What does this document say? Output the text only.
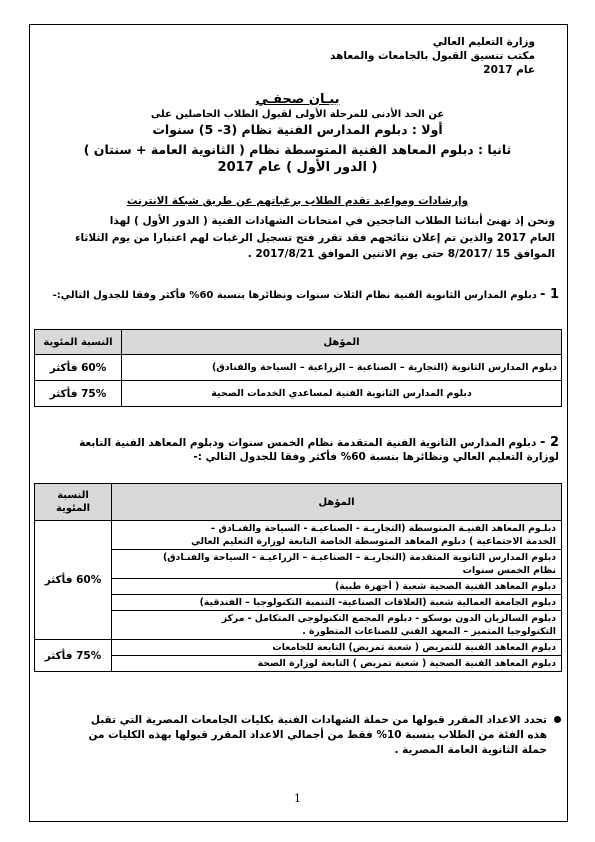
وزارة التعليم العالي
مكتب تنسيق القبول بالجامعات والمعاهد
عام 2017
بيـان صحفـي
عن الحد الأدنى للمرحلة الأولى لقبول الطلاب الحاصلين على
أولا : دبلوم المدارس الفنية نظام (3- 5) سنوات
ثانيا : دبلوم المعاهد الفنية المتوسطة نظام ( الثانوية العامة + سنتان )
( الدور الأول ) عام 2017
وإرشادات ومواعيد تقدم الطلاب برغباتهم عن طريق شبكة الانترنت
ونحن إذ نهنئ أبنائنا الطلاب الناجحين في امتحانات الشهادات الفنية ( الدور الأول ) لهذا
العام 2017 والذين تم إعلان نتائجهم فقد تقرر فتح تسجيل الرغبات لهم اعتبارا من يوم الثلاثاء
الموافق 15 /8/2017 حتى يوم الاثنين الموافق 2017/8/21 .
1 - دبلوم المدارس الثانوية الفنية نظام الثلاث سنوات ونظائرها بنسبة 60% فأكثر وفقا للجدول التالي:-
المؤهل	النسبة المئوية
دبلوم المدارس الثانوية (التجارية – الصناعية – الزراعية – السياحة والفنادق)	60% فأكثر
دبلوم المدارس الثانوية الفنية لمساعدي الخدمات الصحية	75% فأكثر
2 - دبلوم المدارس الثانوية الفنية المتقدمة نظام الخمس سنوات ودبلوم المعاهد الفنية التابعة
لوزارة التعليم العالي ونظائرها بنسبة 60% فأكثر وفقا للجدول التالي :-
المؤهل	النسبة
المئوية

دبلـوم المعاهد الفنيـة المتوسطة (التجاريـة - الصناعيـة - السياحة والفنـادق –
الخدمة الاجتماعية ) دبلوم المعاهد المتوسطة الخاصة التابعة لوزارة التعليم العالي	60% فأكثر

دبلوم المدارس الثانوية المتقدمة (التجاريـة – الصناعيـة – الزراعيـة - السياحة والفنـادق)
نظام الخمس سنوات	

دبلوم المعاهد الفنية الصحية شعبة ( أجهزة طبية)	

دبلوم الجامعة العمالية شعبة (العلاقات الصناعية- التنمية التكنولوجيا – الفندقية)	

دبلوم السالزيان الدون بوسكو - دبلوم المجمع التكنولوجي المتكامل - مركز
التكنولوجيا المتميز – المعهد الفني للصناعات المتطورة .	

دبلوم المعاهد الفنية للتمريض ( شعبة تمريض) التابعة للجامعات	75% فأكثر

دبلوم المعاهد الفنية الصحية ( شعبة تمريض ) التابعة لوزارة الصحة	
تحدد الاعداد المقرر قبولها من حملة الشهادات الفنية بكليات الجامعات المصرية التي تقبل
هذه الفئة من الطلاب بنسبة 10% فقط من أجمالي الاعداد المقرر قبولها بهذه الكليات من
حملة الثانوية العامة المصرية .
1
